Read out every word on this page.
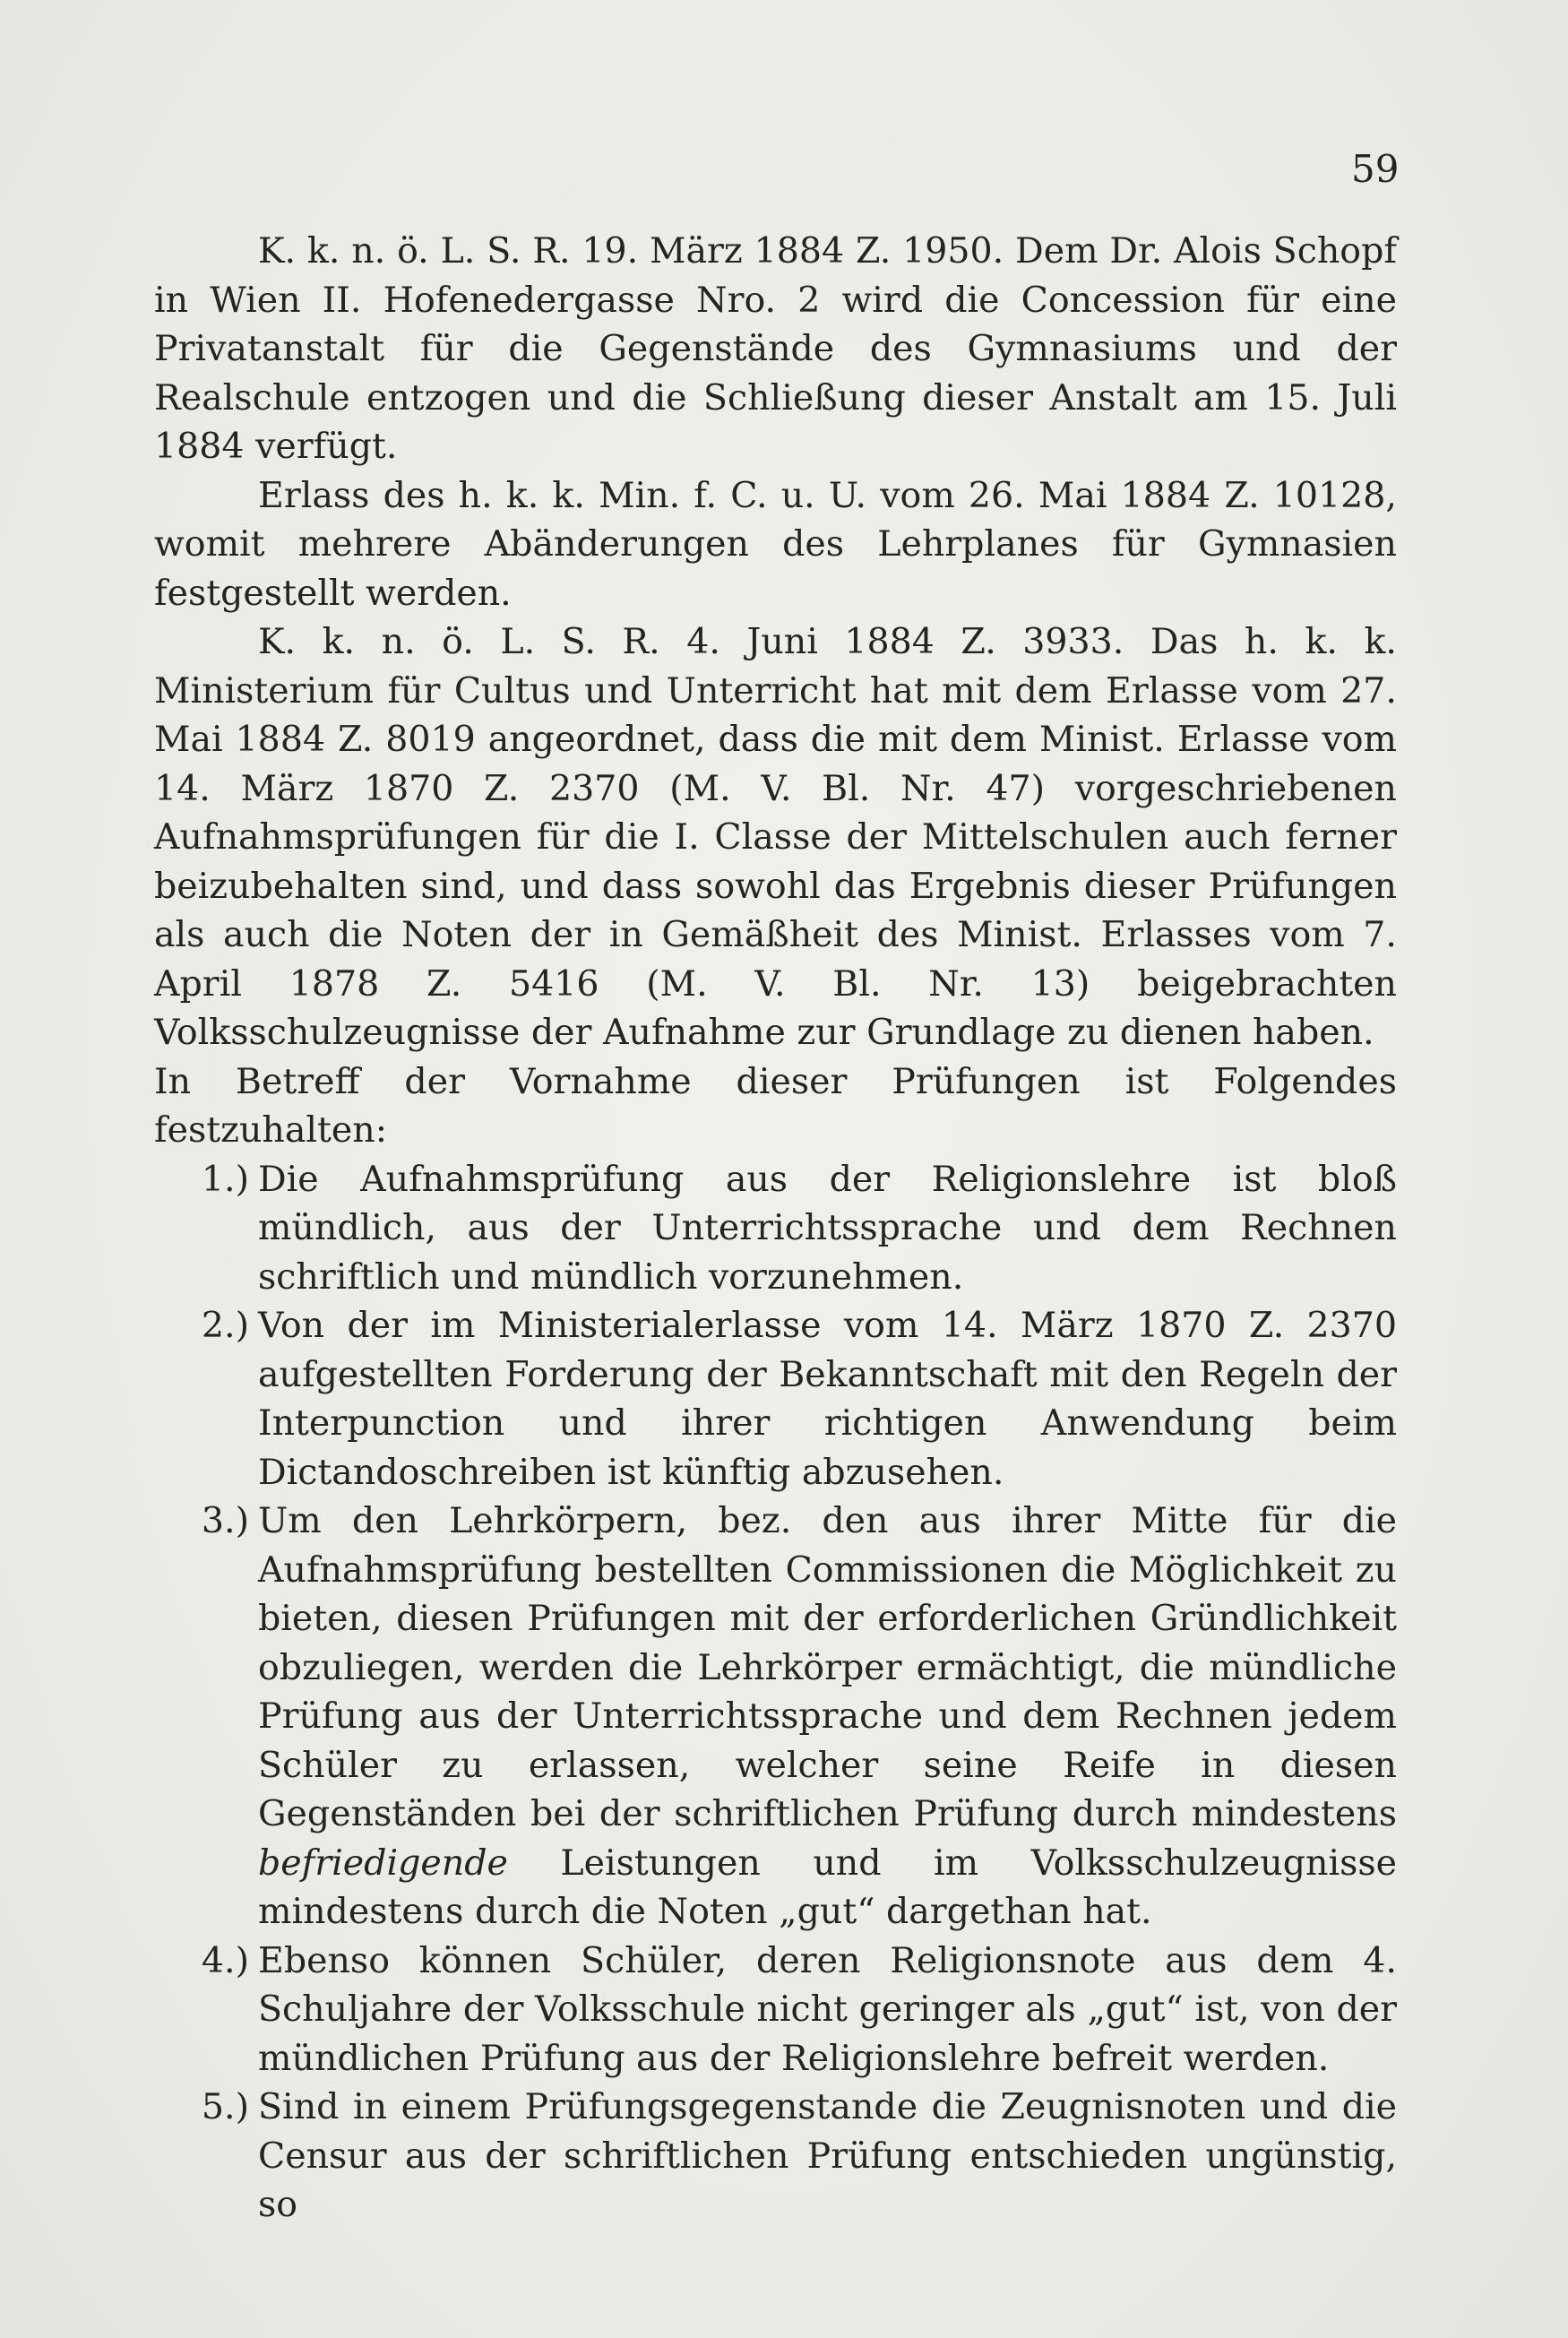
59

K. k. n. ö. L. S. R. 19. März 1884 Z. 1950. Dem Dr. Alois Schopf in Wien II. Hofenedergasse Nro. 2 wird die Concession für eine Privatanstalt für die Gegenstände des Gymnasiums und der Realschule entzogen und die Schließung dieser Anstalt am 15. Juli 1884 verfügt.

Erlass des h. k. k. Min. f. C. u. U. vom 26. Mai 1884 Z. 10128, womit mehrere Abänderungen des Lehrplanes für Gymnasien festgestellt werden.

K. k. n. ö. L. S. R. 4. Juni 1884 Z. 3933. Das h. k. k. Ministerium für Cultus und Unterricht hat mit dem Erlasse vom 27. Mai 1884 Z. 8019 angeordnet, dass die mit dem Minist. Erlasse vom 14. März 1870 Z. 2370 (M. V. Bl. Nr. 47) vorgeschriebenen Aufnahmsprüfungen für die I. Classe der Mittelschulen auch ferner beizubehalten sind, und dass sowohl das Ergebnis dieser Prüfungen als auch die Noten der in Gemäßheit des Minist. Erlasses vom 7. April 1878 Z. 5416 (M. V. Bl. Nr. 13) beigebrachten Volksschulzeugnisse der Aufnahme zur Grundlage zu dienen haben.

In Betreff der Vornahme dieser Prüfungen ist Folgendes festzuhalten:

1.) Die Aufnahmsprüfung aus der Religionslehre ist bloß mündlich, aus der Unterrichtssprache und dem Rechnen schriftlich und mündlich vorzunehmen.
2.) Von der im Ministerialerlasse vom 14. März 1870 Z. 2370 aufgestellten Forderung der Bekanntschaft mit den Regeln der Interpunction und ihrer richtigen Anwendung beim Dictandoschreiben ist künftig abzusehen.
3.) Um den Lehrkörpern, bez. den aus ihrer Mitte für die Aufnahmsprüfung bestellten Commissionen die Möglichkeit zu bieten, diesen Prüfungen mit der erforderlichen Gründlichkeit obzuliegen, werden die Lehrkörper ermächtigt, die mündliche Prüfung aus der Unterrichtssprache und dem Rechnen jedem Schüler zu erlassen, welcher seine Reife in diesen Gegenständen bei der schriftlichen Prüfung durch mindestens befriedigende Leistungen und im Volksschulzeugnisse mindestens durch die Noten „gut“ dargethan hat.
4.) Ebenso können Schüler, deren Religionsnote aus dem 4. Schuljahre der Volksschule nicht geringer als „gut“ ist, von der mündlichen Prüfung aus der Religionslehre befreit werden.
5.) Sind in einem Prüfungsgegenstande die Zeugnisnoten und die Censur aus der schriftlichen Prüfung entschieden ungünstig, so
